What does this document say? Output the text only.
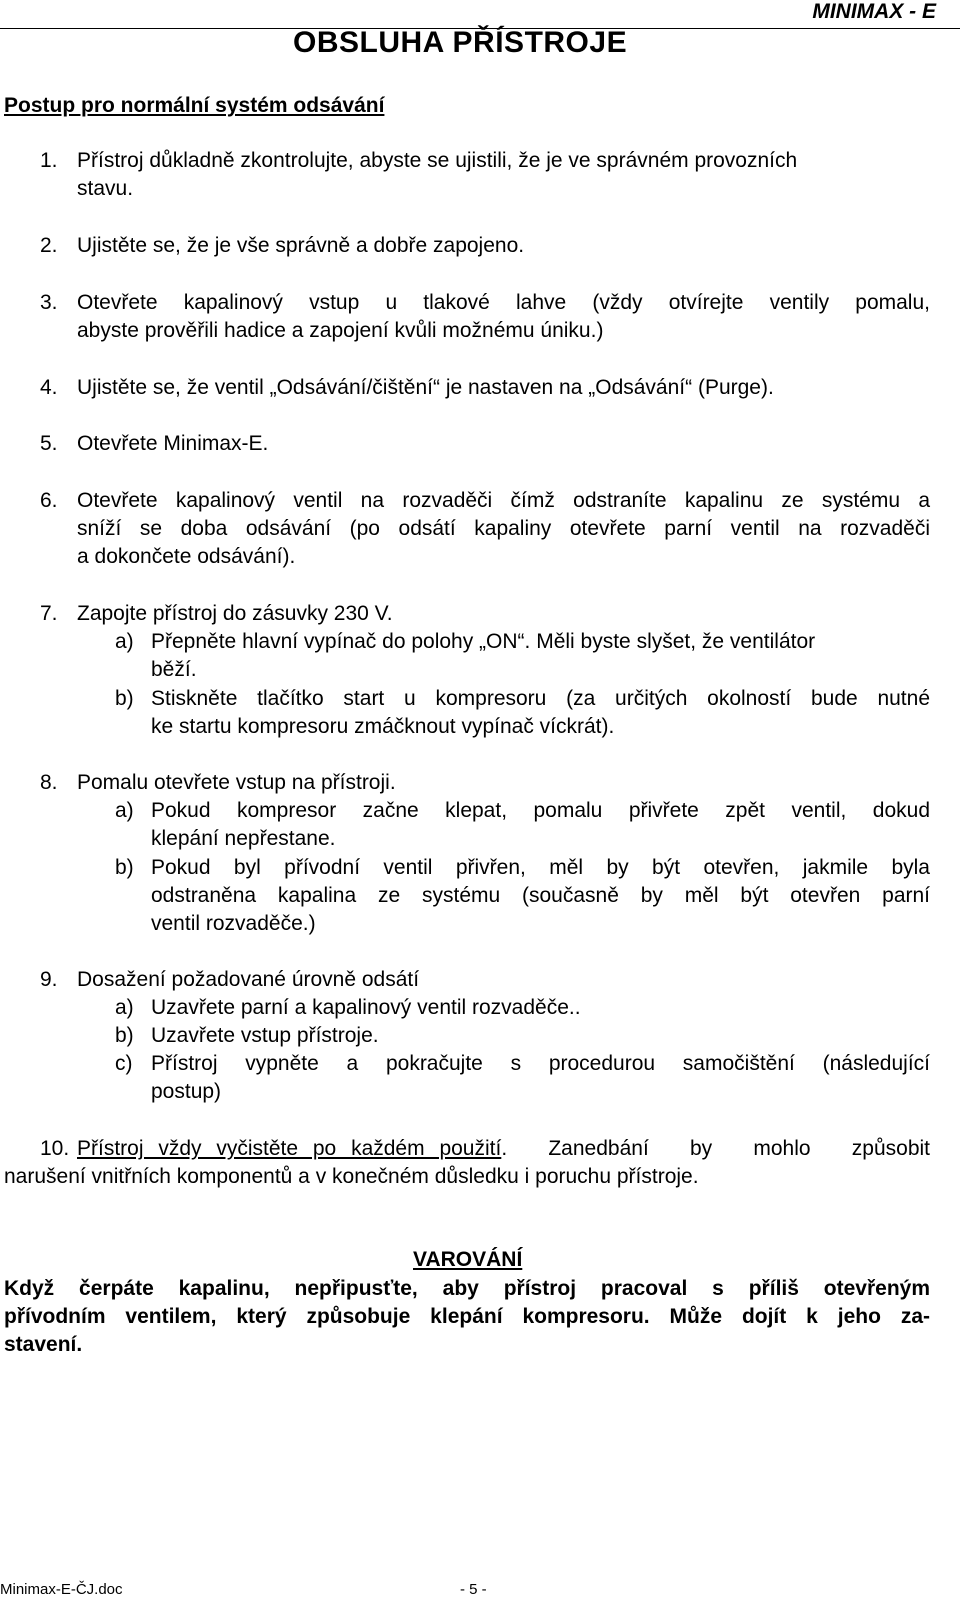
MINIMAX - E
OBSLUHA PŘÍSTROJE
Postup pro normální systém odsávání
1. Přístroj důkladně zkontrolujte, abyste se ujistili, že je ve správném provozních
stavu.
2. Ujistěte se, že je vše správně a dobře zapojeno.
3. Otevřete kapalinový vstup u tlakové lahve (vždy otvírejte ventily pomalu,
abyste prověřili hadice a zapojení kvůli možnému úniku.)
4. Ujistěte se, že ventil „Odsávání/čištění“ je nastaven na „Odsávání“ (Purge).
5. Otevřete Minimax-E.
6. Otevřete kapalinový ventil na rozvaděči čímž odstraníte kapalinu ze systému a
sníží se doba odsávání (po odsátí kapaliny otevřete parní ventil na rozvaděči
a dokončete odsávání).
7. Zapojte přístroj do zásuvky 230 V.
a) Přepněte hlavní vypínač do polohy „ON“. Měli byste slyšet, že ventilátor
běží.
b) Stiskněte tlačítko start u kompresoru (za určitých okolností bude nutné
ke startu kompresoru zmáčknout vypínač víckrát).
8. Pomalu otevřete vstup na přístroji.
a) Pokud kompresor začne klepat, pomalu přivřete zpět ventil, dokud
klepání nepřestane.
b) Pokud byl přívodní ventil přivřen, měl by být otevřen, jakmile byla
odstraněna kapalina ze systému (současně by měl být otevřen parní
ventil rozvaděče.)
9. Dosažení požadované úrovně odsátí
a) Uzavřete parní a kapalinový ventil rozvaděče..
b) Uzavřete vstup přístroje.
c) Přístroj vypněte a pokračujte s procedurou samočištění (následující
postup)
10. Přístroj vždy vyčistěte po každém použití . Zanedbání by mohlo způsobit
narušení vnitřních komponentů a v konečném důsledku i poruchu přístroje.
VAROVÁNÍ
Když čerpáte kapalinu, nepřipusťte, aby přístroj pracoval s příliš otevřeným
přívodním ventilem, který způsobuje klepání kompresoru. Může dojít k jeho za-
stavení.
Minimax-E-ČJ.doc	- 5 -
